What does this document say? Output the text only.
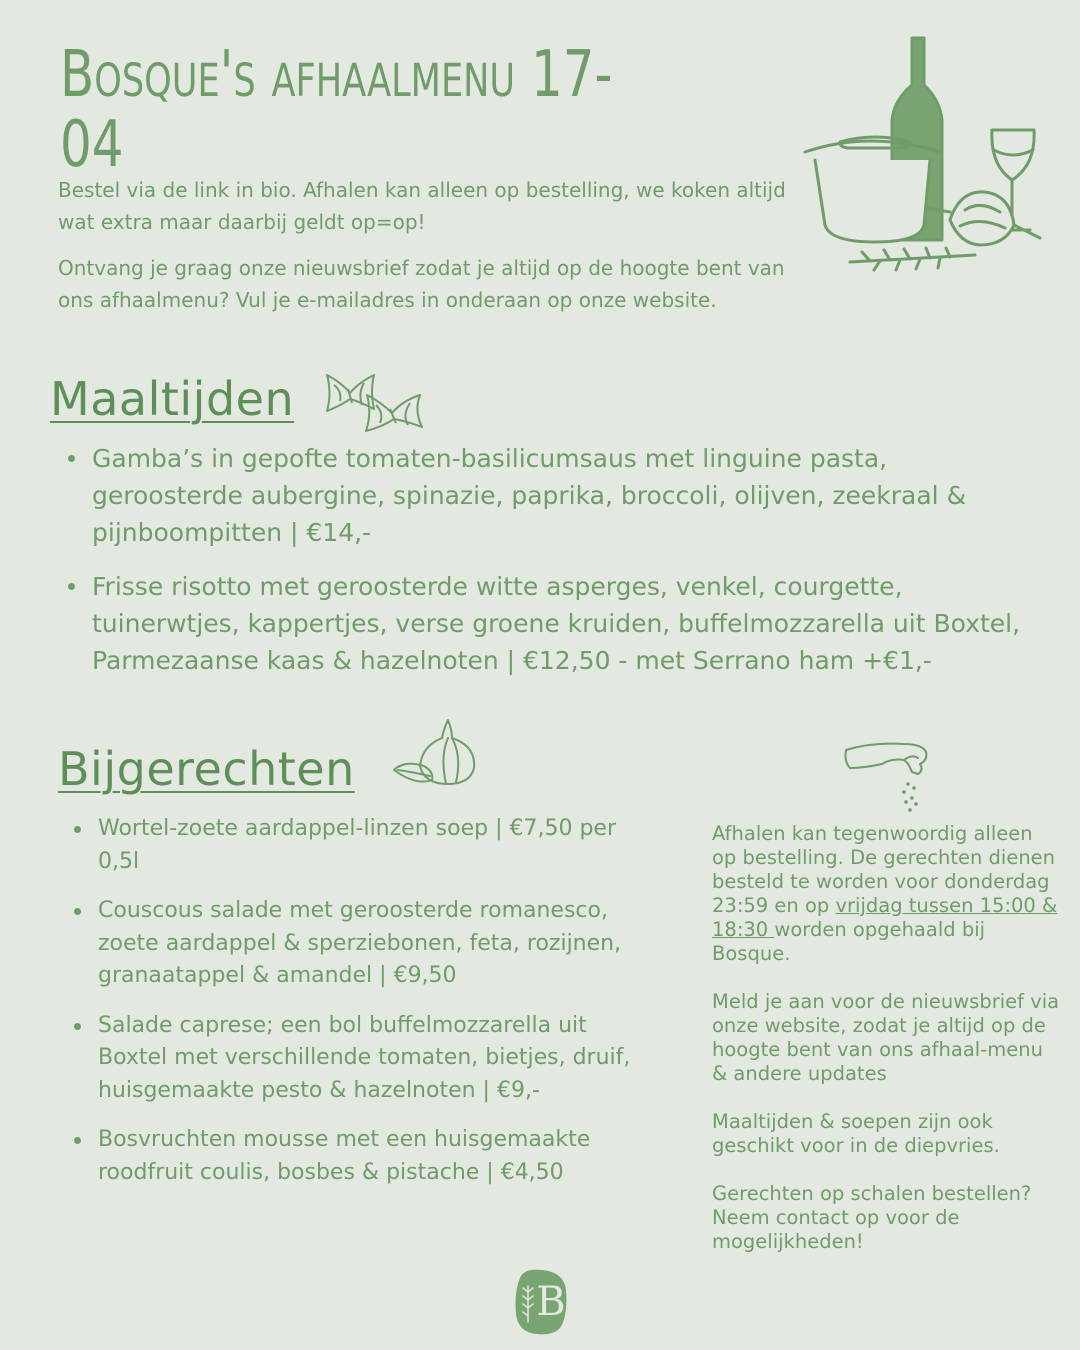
Bosque's afhaalmenu 17-04

Bestel via de link in bio. Afhalen kan alleen op bestelling, we koken altijd wat extra maar daarbij geldt op=op!

Ontvang je graag onze nieuwsbrief zodat je altijd op de hoogte bent van ons afhaalmenu? Vul je e-mailadres in onderaan op onze website.

Maaltijden
Gamba’s in gepofte tomaten-basilicumsaus met linguine pasta, geroosterde aubergine, spinazie, paprika, broccoli, olijven, zeekraal & pijnboompitten | €14,-
Frisse risotto met geroosterde witte asperges, venkel, courgette, tuinerwtjes, kappertjes, verse groene kruiden, buffelmozzarella uit Boxtel, Parmezaanse kaas & hazelnoten | €12,50 - met Serrano ham +€1,-
Bijgerechten
Wortel-zoete aardappel-linzen soep | €7,50 per 0,5l
Couscous salade met geroosterde romanesco, zoete aardappel & sperziebonen, feta, rozijnen, granaatappel & amandel | €9,50
Salade caprese; een bol buffelmozzarella uit Boxtel met verschillende tomaten, bietjes, druif, huisgemaakte pesto & hazelnoten | €9,-
Bosvruchten mousse met een huisgemaakte roodfruit coulis, bosbes & pistache | €4,50

Afhalen kan tegenwoordig alleen op bestelling. De gerechten dienen besteld te worden voor donderdag 23:59 en op vrijdag tussen 15:00 & 18:30 worden opgehaald bij Bosque.

Meld je aan voor de nieuwsbrief via onze website, zodat je altijd op de hoogte bent van ons afhaal-menu & andere updates

Maaltijden & soepen zijn ook geschikt voor in de diepvries.

Gerechten op schalen bestellen? Neem contact op voor de mogelijkheden!

B
